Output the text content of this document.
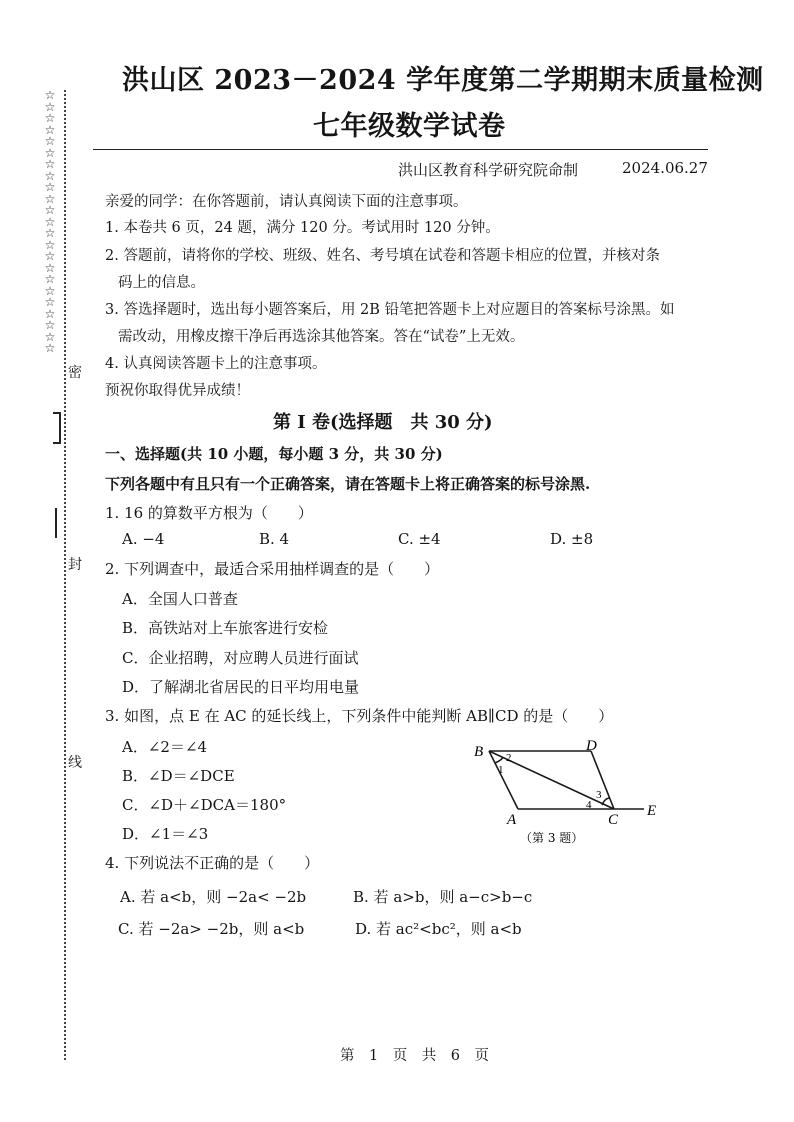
☆☆☆☆☆☆☆☆☆☆☆☆☆☆☆☆☆☆☆☆☆☆☆
密
封
线
洪山区 2023－2024 学年度第二学期期末质量检测
七年级数学试卷
洪山区教育科学研究院命制	2024.06.27
亲爱的同学：在你答题前，请认真阅读下面的注意事项。
1. 本卷共 6 页，24 题，满分 120 分。考试用时 120 分钟。
2. 答题前，请将你的学校、班级、姓名、考号填在试卷和答题卡相应的位置，并核对条
码上的信息。
3. 答选择题时，选出每小题答案后，用 2B 铅笔把答题卡上对应题目的答案标号涂黑。如
需改动，用橡皮擦干净后再选涂其他答案。答在“试卷”上无效。
4. 认真阅读答题卡上的注意事项。
预祝你取得优异成绩！
第 Ⅰ 卷(选择题　共 30 分)
一、选择题(共 10 小题，每小题 3 分，共 30 分)
下列各题中有且只有一个正确答案，请在答题卡上将正确答案的标号涂黑.
1. 16 的算数平方根为（　　）
A. −4	B. 4	C. ±4	D. ±8
2. 下列调查中，最适合采用抽样调查的是（　　）
A．全国人口普查
B．高铁站对上车旅客进行安检
C．企业招聘，对应聘人员进行面试
D．了解湖北省居民的日平均用电量
3. 如图，点 E 在 AC 的延长线上，下列条件中能判断 AB∥CD 的是（　　）
A．∠2＝∠4
B．∠D＝∠DCE
C．∠D＋∠DCA＝180°
D．∠1＝∠3
B	D
A	C
E
1
2
3
4
（第 3 题）
4. 下列说法不正确的是（　　）
A. 若 a<b，则 −2a< −2b	B. 若 a>b，则 a−c>b−c
C. 若 −2a> −2b，则 a<b	D. 若 ac²<bc²，则 a<b
第　1　页　共　6　页
